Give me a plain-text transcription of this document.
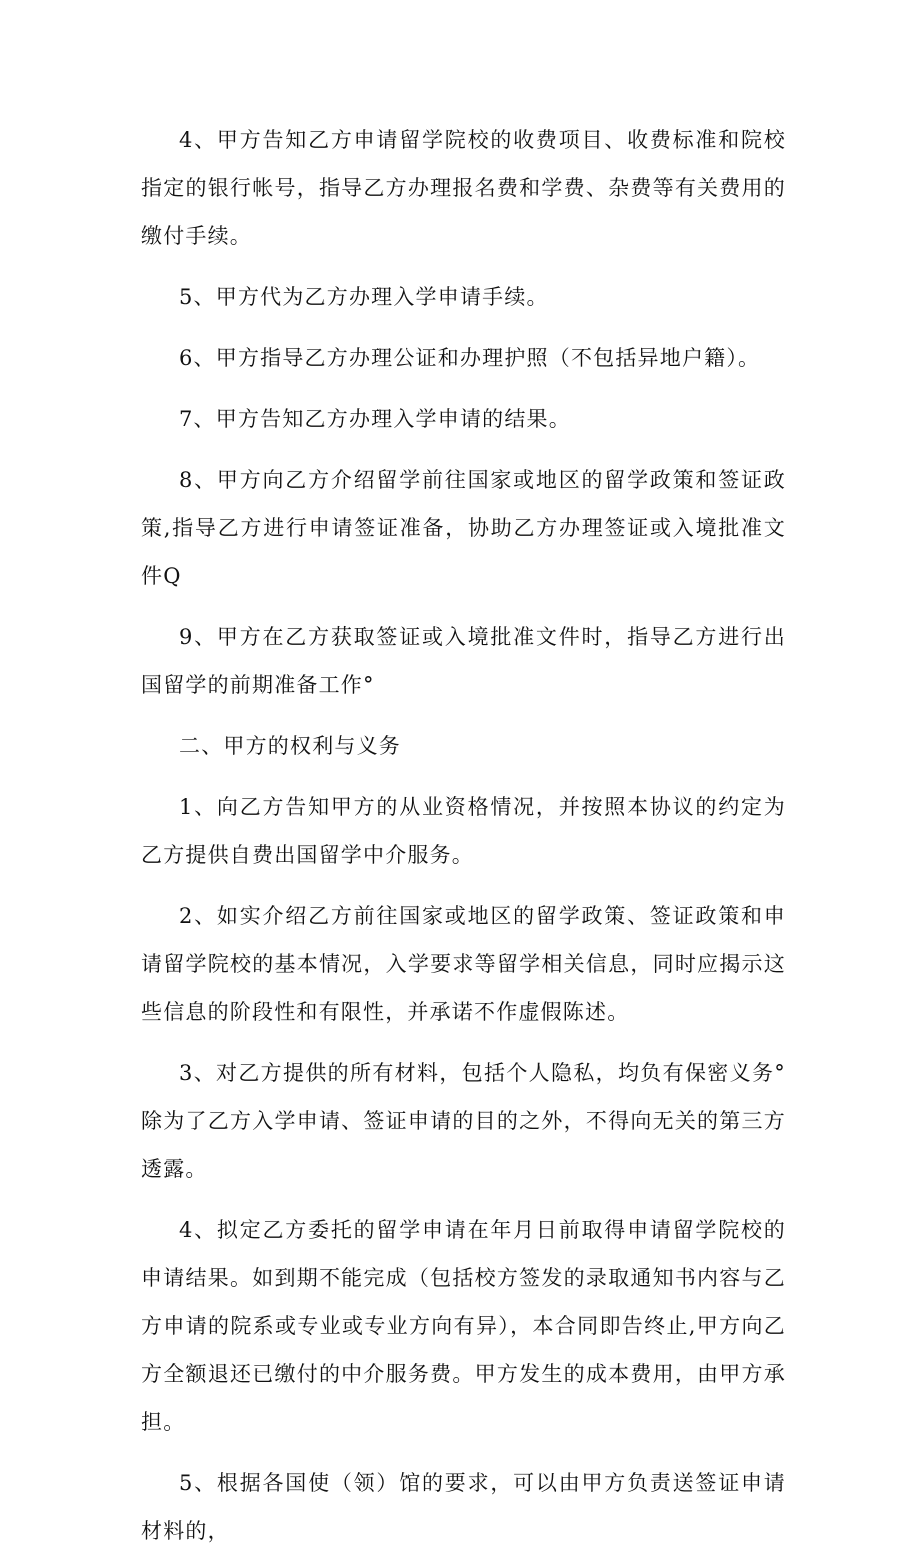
4、甲方告知乙方申请留学院校的收费项目、收费标准和院校指定的银行帐号，指导乙方办理报名费和学费、杂费等有关费用的缴付手续。

5、甲方代为乙方办理入学申请手续。

6、甲方指导乙方办理公证和办理护照（不包括异地户籍）。

7、甲方告知乙方办理入学申请的结果。

8、甲方向乙方介绍留学前往国家或地区的留学政策和签证政策,指导乙方进行申请签证准备，协助乙方办理签证或入境批准文件Q

9、甲方在乙方获取签证或入境批准文件时，指导乙方进行出国留学的前期准备工作°

二、甲方的权利与义务

1、向乙方告知甲方的从业资格情况，并按照本协议的约定为乙方提供自费出国留学中介服务。

2、如实介绍乙方前往国家或地区的留学政策、签证政策和申请留学院校的基本情况，入学要求等留学相关信息，同时应揭示这些信息的阶段性和有限性，并承诺不作虚假陈述。

3、对乙方提供的所有材料，包括个人隐私，均负有保密义务°除为了乙方入学申请、签证申请的目的之外，不得向无关的第三方透露。

4、拟定乙方委托的留学申请在年月日前取得申请留学院校的申请结果。如到期不能完成（包括校方签发的录取通知书内容与乙方申请的院系或专业或专业方向有异），本合同即告终止,甲方向乙方全额退还已缴付的中介服务费。甲方发生的成本费用，由甲方承担。

5、根据各国使（领）馆的要求，可以由甲方负责送签证申请材料的，
